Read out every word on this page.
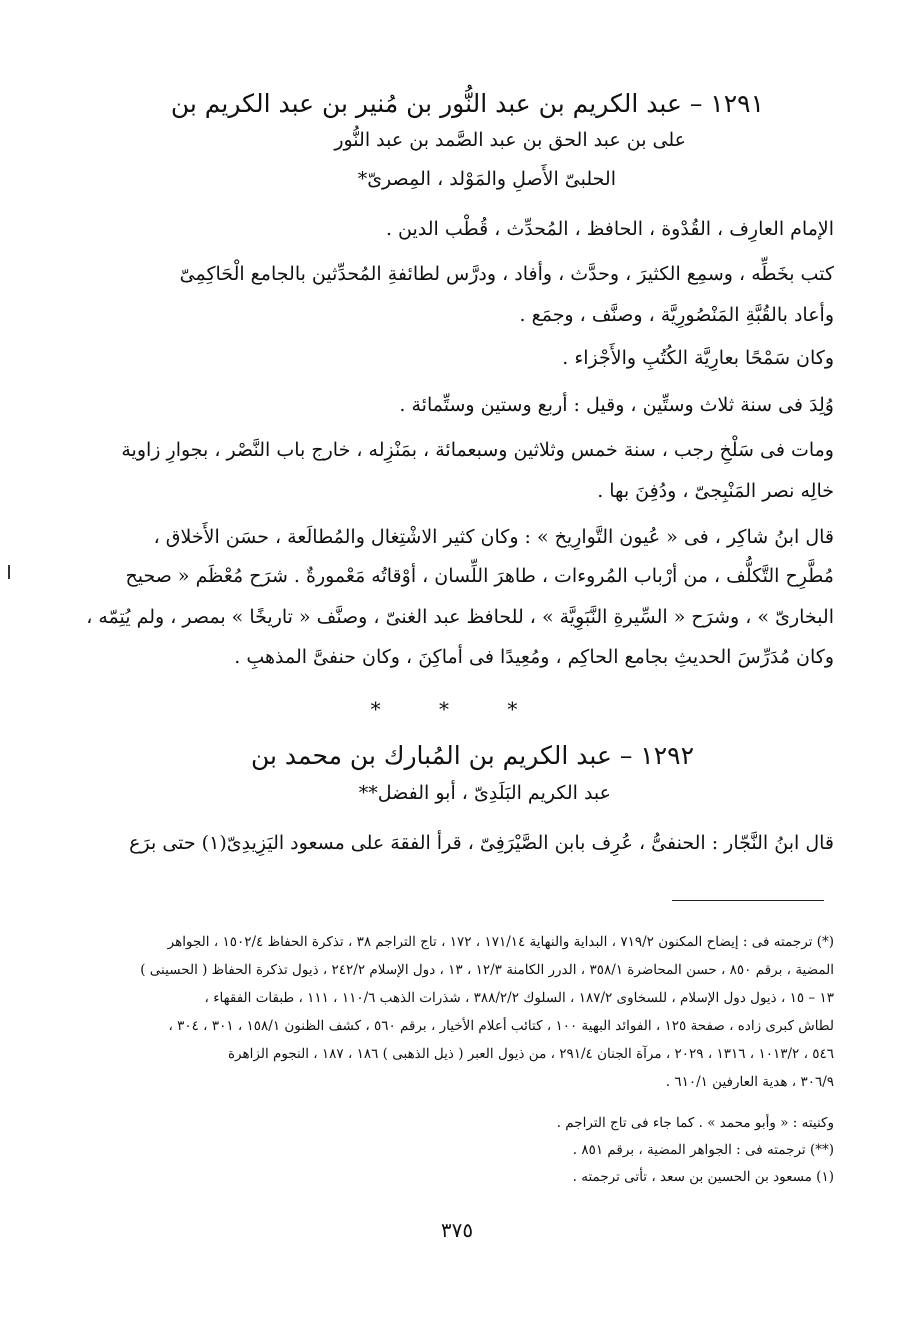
١٢٩١ – عبد الكريم بن عبد النُّور بن مُنير بن عبد الكريم بن
على بن عبد الحق بن عبد الصَّمد بن عبد النُّور
الحلبىّ الأَصلِ والمَوْلد ، المِصرىّ*
الإمام العارِف ، القُدْوة ، الحافظ ، المُحدِّث ، قُطْب الدين .
كتب بخَطِّه ، وسمِع الكثيرَ ، وحدَّث ، وأفاد ، ودرَّس لطائفةِ المُحدِّثين بالجامع الْحَاكِمِىّ
وأعاد بالقُبَّةِ المَنْصُورِيَّة ، وصنَّف ، وجمَع .
وكان سَمْحًا بعارِيَّة الكُتُبِ والأَجْزاء .
وُلِدَ فى سنة ثلاث وستِّين ، وقيل : أربع وستين وستِّمائة .
ومات فى سَلْخِ رجب ، سنة خمس وثلاثين وسبعمائة ، بمَنْزِله ، خارج باب النَّصْر ، بجوارِ زاوية
خالِه نصر المَنْبِجىّ ، ودُفِنَ بها .
قال ابنُ شاكِر ، فى « عُيون التَّوارِيخ » : وكان كثير الاشْتِغال والمُطالَعة ، حسَن الأَخلاق ،
مُطَّرِح التَّكلُّف ، من أرْباب المُروءات ، طاهرَ اللِّسان ، أوْقاتُه مَعْمورةٌ . شرَح مُعْظَم « صحيح
البخارىّ » ، وشرَح « السِّيرةِ النَّبَوِيَّة » ، للحافظ عبد الغنىّ ، وصنَّف « تاريخًا » بمصر ، ولم يُتِمّه ،
وكان مُدَرِّسَ الحديثِ بجامع الحاكِم ، ومُعِيدًا فى أماكِنَ ، وكان حنفىَّ المذهبِ .
* * *
١٢٩٢ – عبد الكريم بن المُبارك بن محمد بن
عبد الكريم البَلَدِىّ ، أبو الفضل**
قال ابنُ النَّجّار : الحنفىُّ ، عُرِف بابن الصَّيْرَفِىّ ، قرأ الفقهَ على مسعود اليَزِيدِىّ(١) حتى برَع
(*) ترجمته فى : إيضاح المكنون ٧١٩/٢ ، البداية والنهاية ١٧١/١٤ ، ١٧٢ ، تاج التراجم ٣٨ ، تذكرة الحفاظ ١٥٠٢/٤ ، الجواهر
المضية ، برقم ٨٥٠ ، حسن المحاضرة ٣٥٨/١ ، الدرر الكامنة ١٢/٣ ، ١٣ ، دول الإسلام ٢٤٢/٢ ، ذيول تذكرة الحفاظ ( الحسينى )
١٣ – ١٥ ، ذيول دول الإسلام ، للسخاوى ١٨٧/٢ ، السلوك ٣٨٨/٢/٢ ، شذرات الذهب ١١٠/٦ ، ١١١ ، طبقات الفقهاء ،
لطاش كبرى زاده ، صفحة ١٢٥ ، الفوائد البهية ١٠٠ ، كتائب أعلام الأخيار ، برقم ٥٦٠ ، كشف الظنون ١٥٨/١ ، ٣٠١ ، ٣٠٤ ،
٥٤٦ ، ١٠١٣/٢ ، ١٣١٦ ، ٢٠٢٩ ، مرآة الجنان ٢٩١/٤ ، من ذيول العبر ( ذيل الذهبى ) ١٨٦ ، ١٨٧ ، النجوم الزاهرة
٣٠٦/٩ ، هدية العارفين ٦١٠/١ .
وكنيته : « وأبو محمد » . كما جاء فى تاج التراجم .
(**) ترجمته فى : الجواهر المضية ، برقم ٨٥١ .
(١) مسعود بن الحسين بن سعد ، تأتى ترجمته .
٣٧٥
